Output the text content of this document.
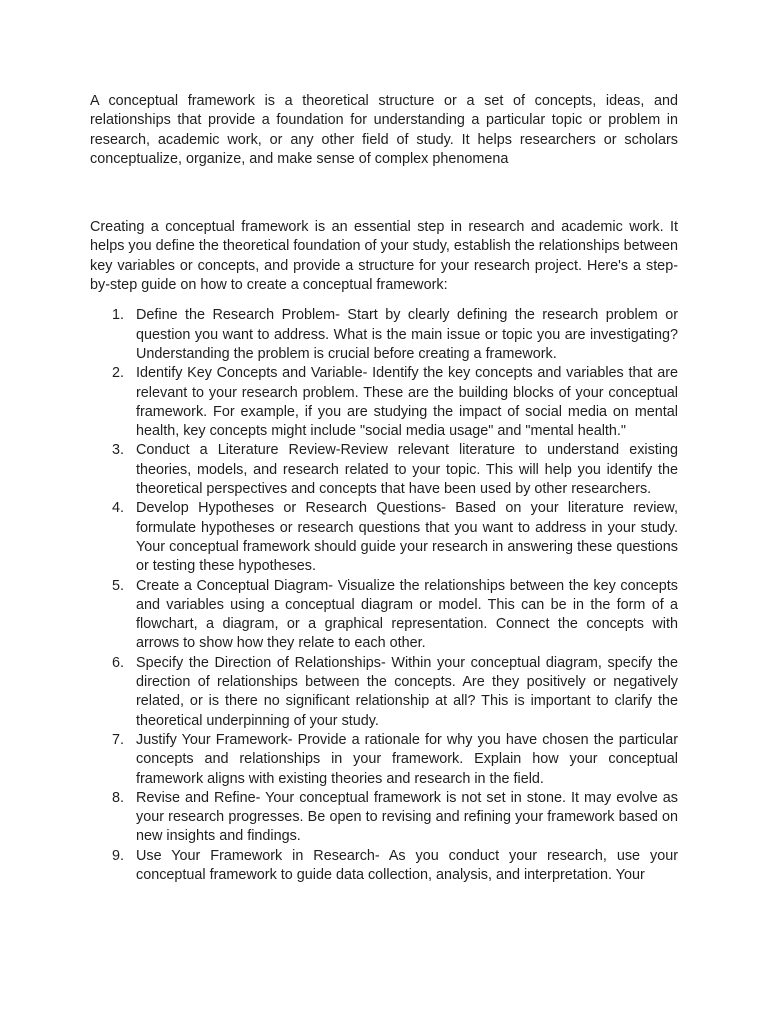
A conceptual framework is a theoretical structure or a set of concepts, ideas, and relationships that provide a foundation for understanding a particular topic or problem in research, academic work, or any other field of study. It helps researchers or scholars conceptualize, organize, and make sense of complex phenomena

Creating a conceptual framework is an essential step in research and academic work. It helps you define the theoretical foundation of your study, establish the relationships between key variables or concepts, and provide a structure for your research project. Here's a step-by-step guide on how to create a conceptual framework:

1. Define the Research Problem- Start by clearly defining the research problem or question you want to address. What is the main issue or topic you are investigating? Understanding the problem is crucial before creating a framework.
2. Identify Key Concepts and Variable- Identify the key concepts and variables that are relevant to your research problem. These are the building blocks of your conceptual framework. For example, if you are studying the impact of social media on mental health, key concepts might include "social media usage" and "mental health."
3. Conduct a Literature Review-Review relevant literature to understand existing theories, models, and research related to your topic. This will help you identify the theoretical perspectives and concepts that have been used by other researchers.
4. Develop Hypotheses or Research Questions- Based on your literature review, formulate hypotheses or research questions that you want to address in your study. Your conceptual framework should guide your research in answering these questions or testing these hypotheses.
5. Create a Conceptual Diagram- Visualize the relationships between the key concepts and variables using a conceptual diagram or model. This can be in the form of a flowchart, a diagram, or a graphical representation. Connect the concepts with arrows to show how they relate to each other.
6. Specify the Direction of Relationships- Within your conceptual diagram, specify the direction of relationships between the concepts. Are they positively or negatively related, or is there no significant relationship at all? This is important to clarify the theoretical underpinning of your study.
7. Justify Your Framework- Provide a rationale for why you have chosen the particular concepts and relationships in your framework. Explain how your conceptual framework aligns with existing theories and research in the field.
8. Revise and Refine- Your conceptual framework is not set in stone. It may evolve as your research progresses. Be open to revising and refining your framework based on new insights and findings.
9. Use Your Framework in Research- As you conduct your research, use your conceptual framework to guide data collection, analysis, and interpretation. Your
